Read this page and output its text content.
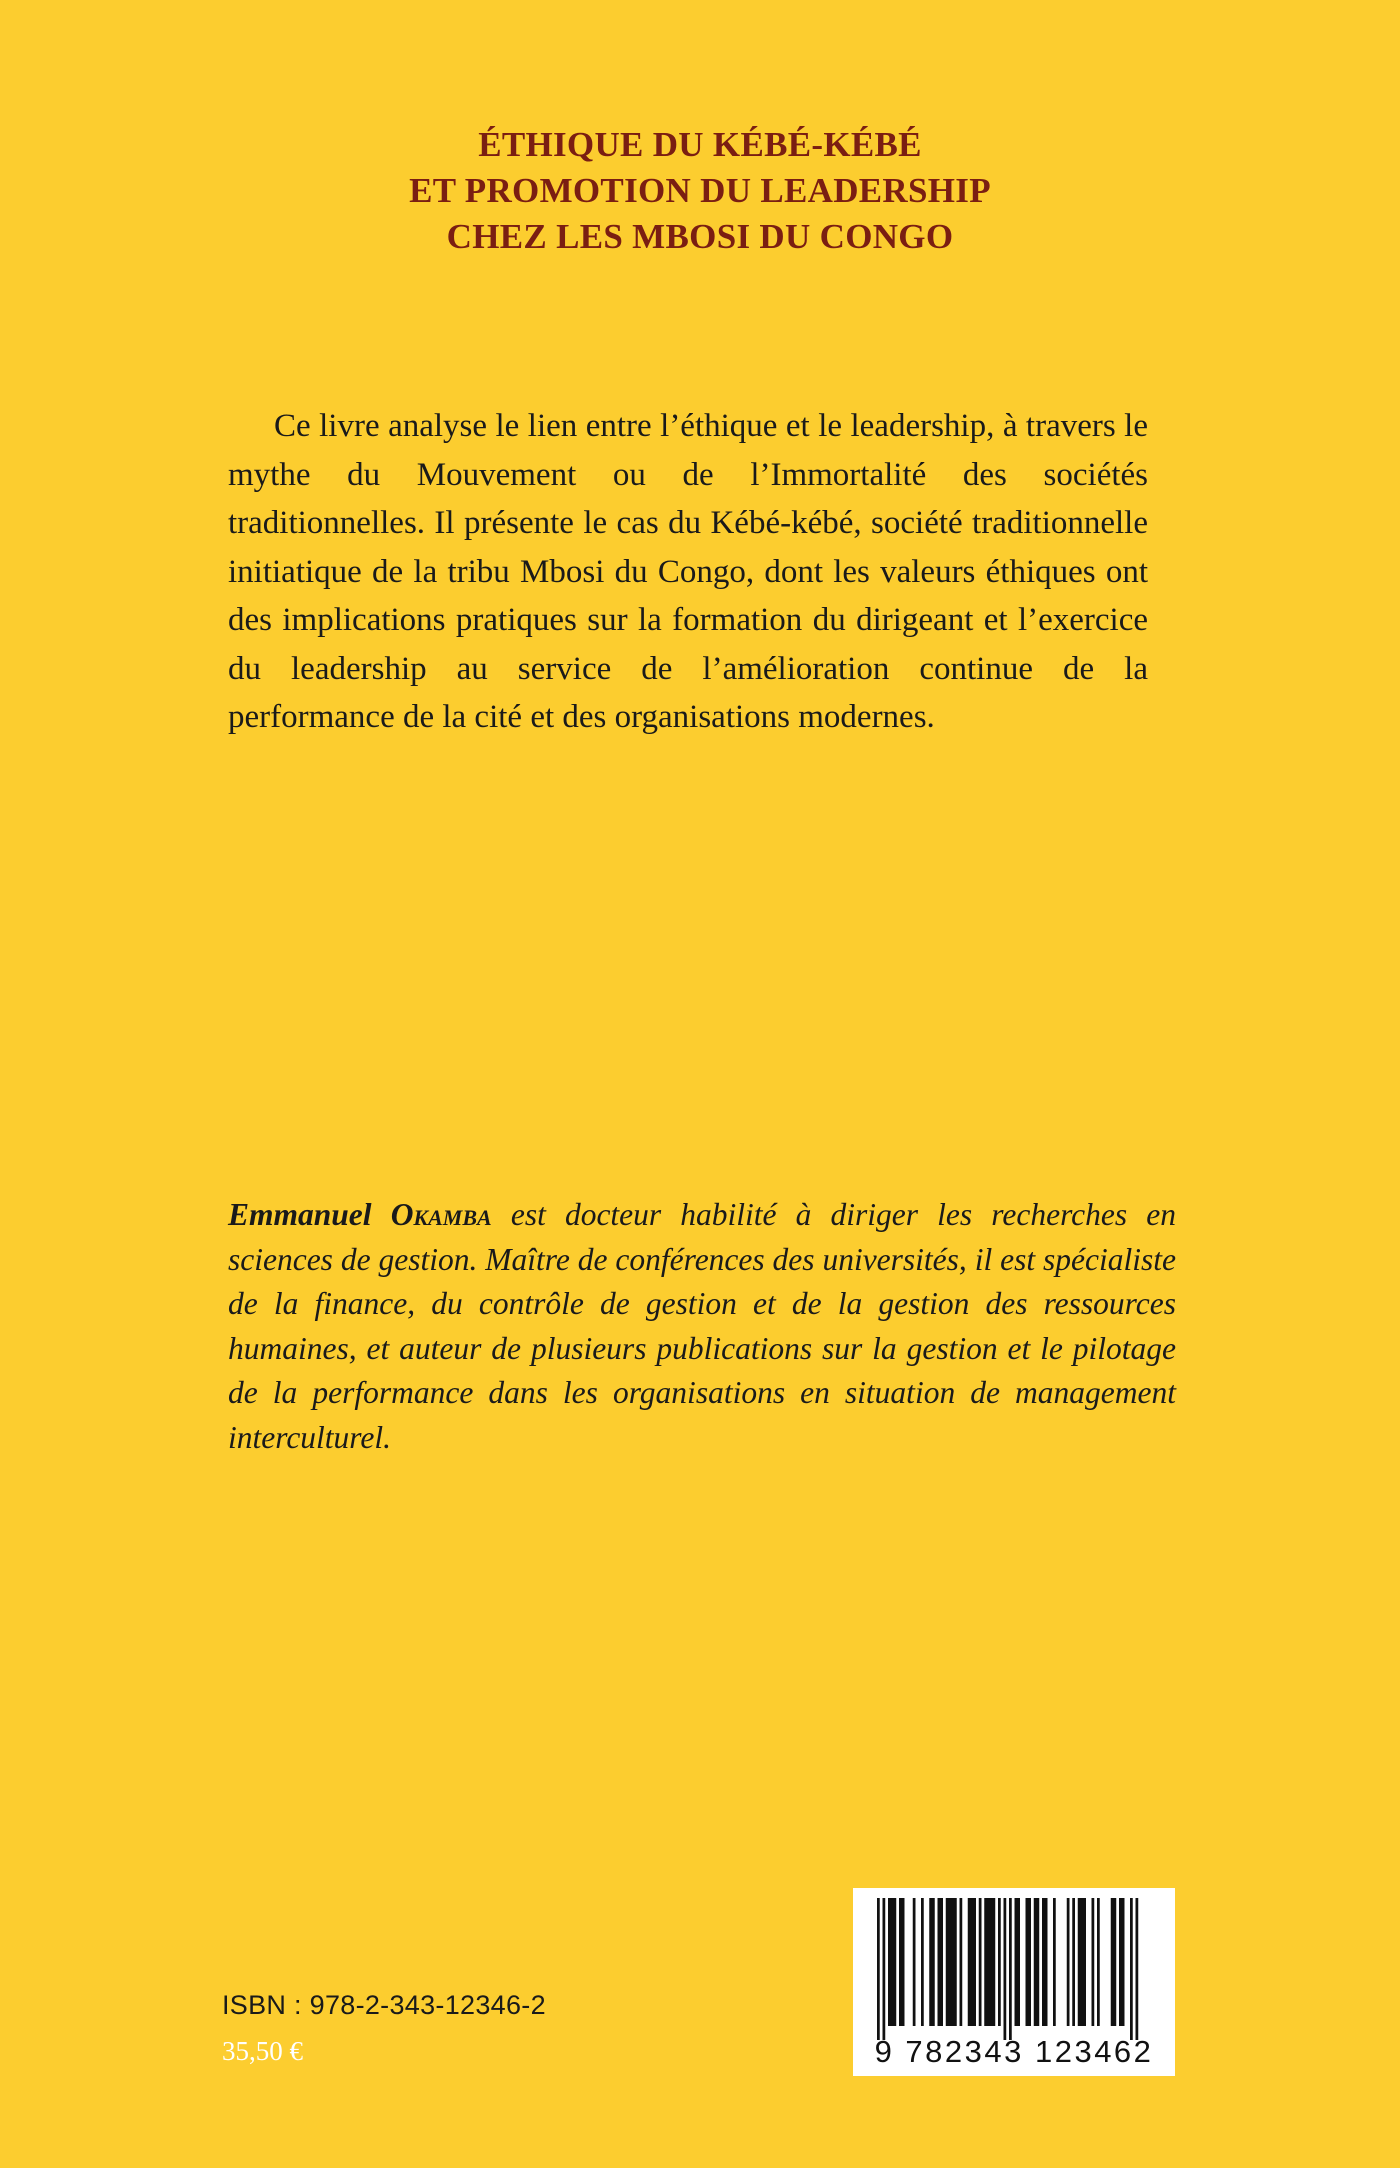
ÉTHIQUE DU KÉBÉ-KÉBÉ
ET PROMOTION DU LEADERSHIP
CHEZ LES MBOSI DU CONGO

Ce livre analyse le lien entre l’éthique et le leadership, à travers le mythe du Mouvement ou de l’Immortalité des sociétés traditionnelles. Il présente le cas du Kébé-kébé, société traditionnelle initiatique de la tribu Mbosi du Congo, dont les valeurs éthiques ont des implications pratiques sur la formation du dirigeant et l’exercice du leadership au service de l’amélioration continue de la performance de la cité et des organisations modernes.

Emmanuel Okamba est docteur habilité à diriger les recherches en sciences de gestion. Maître de conférences des universités, il est spécialiste de la finance, du contrôle de gestion et de la gestion des ressources humaines, et auteur de plusieurs publications sur la gestion et le pilotage de la performance dans les organisations en situation de management interculturel.

ISBN : 978-2-343-12346-2
35,50 €	9 782343 123462
